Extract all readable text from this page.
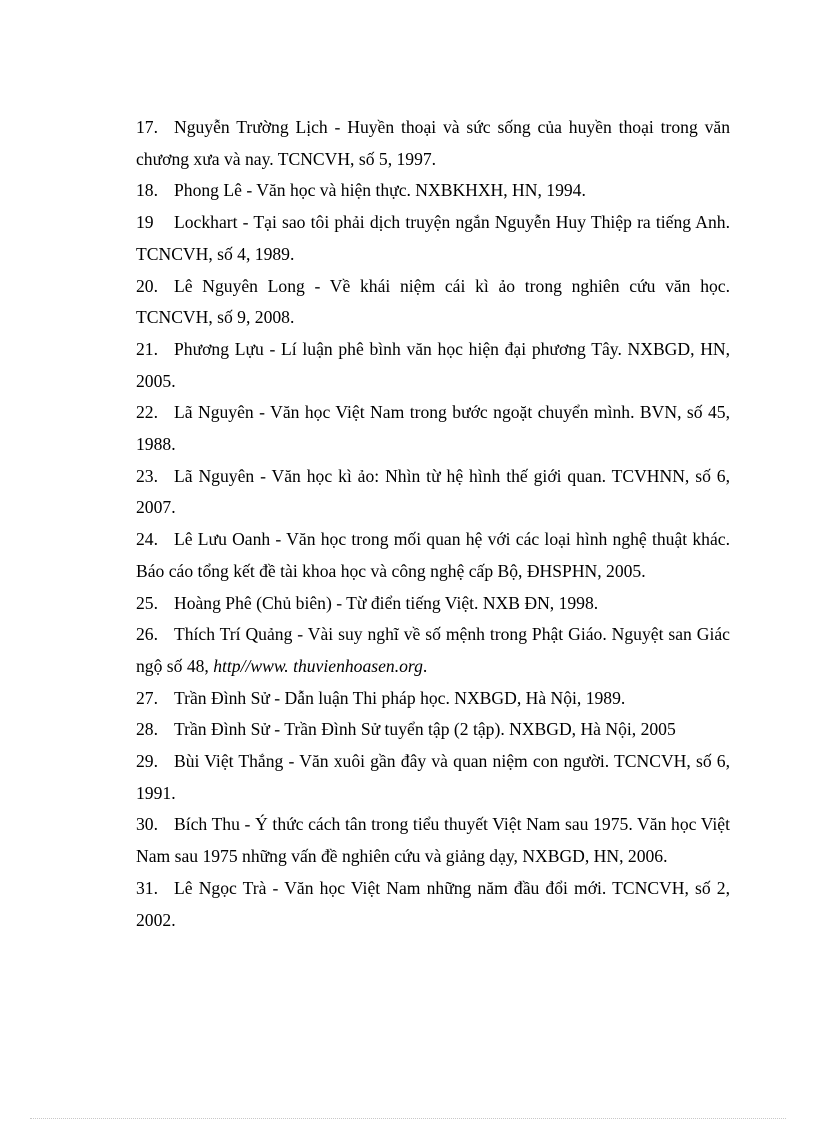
17. Nguyễn Trường Lịch - Huyền thoại và sức sống của huyền thoại trong văn chương xưa và nay. TCNCVH, số 5, 1997.
18. Phong Lê - Văn học và hiện thực. NXBKHXH, HN, 1994.
19 Lockhart - Tại sao tôi phải dịch truyện ngắn Nguyễn Huy Thiệp ra tiếng Anh. TCNCVH, số 4, 1989.
20. Lê Nguyên Long - Về khái niệm cái kì ảo trong nghiên cứu văn học. TCNCVH, số 9, 2008.
21. Phương Lựu - Lí luận phê bình văn học hiện đại phương Tây. NXBGD, HN, 2005.
22. Lã Nguyên - Văn học Việt Nam trong bước ngoặt chuyển mình. BVN, số 45, 1988.
23. Lã Nguyên - Văn học kì ảo: Nhìn từ hệ hình thế giới quan. TCVHNN, số 6, 2007.
24. Lê Lưu Oanh - Văn học trong mối quan hệ với các loại hình nghệ thuật khác. Báo cáo tổng kết đề tài khoa học và công nghệ cấp Bộ, ĐHSPHN, 2005.
25. Hoàng Phê (Chủ biên) - Từ điển tiếng Việt. NXB ĐN, 1998.
26. Thích Trí Quảng - Vài suy nghĩ về số mệnh trong Phật Giáo. Nguyệt san Giác ngộ số 48, http//www. thuvienhoasen.org.
27. Trần Đình Sử - Dẫn luận Thi pháp học. NXBGD, Hà Nội, 1989.
28. Trần Đình Sử - Trần Đình Sử tuyển tập (2 tập). NXBGD, Hà Nội, 2005
29. Bùi Việt Thắng - Văn xuôi gần đây và quan niệm con người. TCNCVH, số 6, 1991.
30. Bích Thu - Ý thức cách tân trong tiểu thuyết Việt Nam sau 1975. Văn học Việt Nam sau 1975 những vấn đề nghiên cứu và giảng dạy, NXBGD, HN, 2006.
31. Lê Ngọc Trà - Văn học Việt Nam những năm đầu đổi mới. TCNCVH, số 2, 2002.
